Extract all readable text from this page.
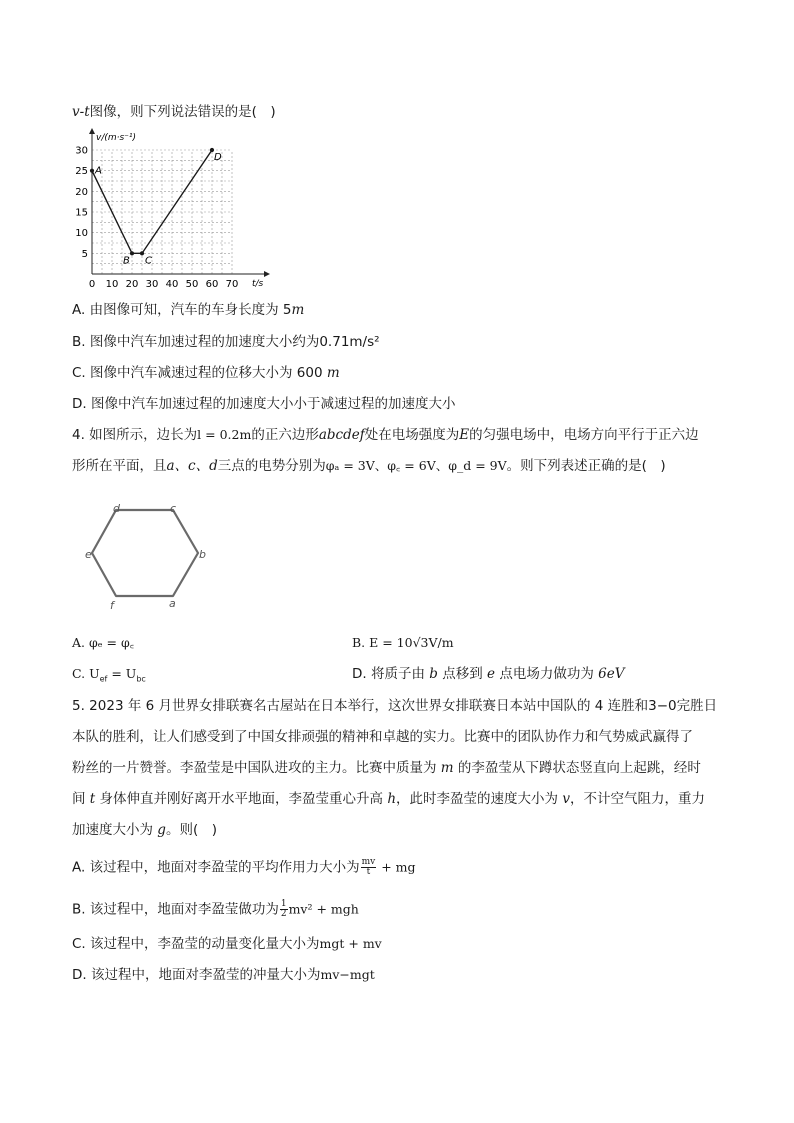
v-t图像，则下列说法错误的是(　)
v/(m·s⁻¹)
t/s
30
25
20
15
10
5
0 10 20 30 40 50 60 70
A
B C
D
A. 由图像可知，汽车的车身长度为 5m
B. 图像中汽车加速过程的加速度大小约为0.71m/s²
C. 图像中汽车减速过程的位移大小为 600 m
D. 图像中汽车加速过程的加速度大小小于减速过程的加速度大小
4. 如图所示，边长为l = 0.2m的正六边形abcdef处在电场强度为E的匀强电场中，电场方向平行于正六边
形所在平面，且a、c、d三点的电势分别为φₐ = 3V、φ꜀ = 6V、φ_d = 9V。则下列表述正确的是(　)
d	c
b
a
f
e
A. φₑ = φ꜀	B. E = 10√3V/m
C. $U_{ef} = U_{bc}$	D. 将质子由 b 点移到 e 点电场力做功为 6eV
5. 2023 年 6 月世界女排联赛名古屋站在日本举行，这次世界女排联赛日本站中国队的 4 连胜和3−0完胜日
本队的胜利，让人们感受到了中国女排顽强的精神和卓越的实力。比赛中的团队协作力和气势威武赢得了
粉丝的一片赞誉。李盈莹是中国队进攻的主力。比赛中质量为 m 的李盈莹从下蹲状态竖直向上起跳，经时
间 t 身体伸直并刚好离开水平地面，李盈莹重心升高 h，此时李盈莹的速度大小为 v，不计空气阻力，重力
加速度大小为 g。则(　)
A. 该过程中，地面对李盈莹的平均作用力大小为 $\frac{mv}{t}$ + mg
B. 该过程中，地面对李盈莹做功为 $\frac{1}{2} mv^2$ + mgh
C. 该过程中，李盈莹的动量变化量大小为mgt + mv
D. 该过程中，地面对李盈莹的冲量大小为mv−mgt
